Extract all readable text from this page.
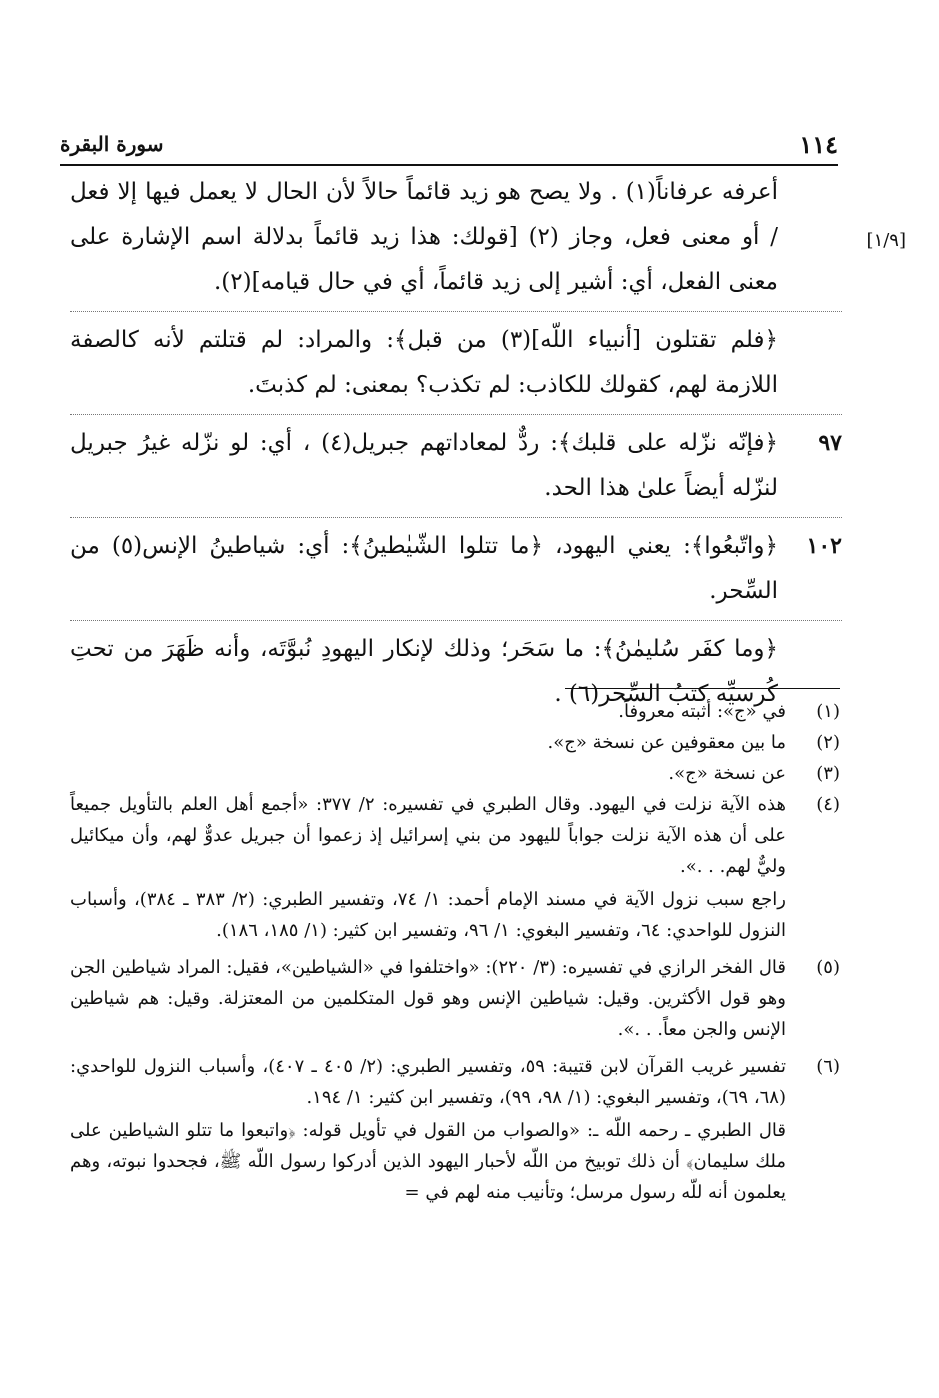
١١٤
سورة البقرة
[١/٩]
أعرفه عرفاناً(١) . ولا يصح هو زيد قائماً حالاً لأن الحال لا يعمل فيها إلا فعل / أو معنى فعل، وجاز (٢) [قولك: هذا زيد قائماً بدلالة اسم الإشارة على معنى الفعل، أي: أشير إلى زيد قائماً، أي في حال قيامه](٢).
﴿فلم تقتلون [أنبياء اللّه](٣) من قبل﴾: والمراد: لم قتلتم لأنه كالصفة اللازمة لهم، كقولك للكاذب: لم تكذب؟ بمعنى: لم كذبتَ.
٩٧
﴿فإنّه نزّله على قلبك﴾: ردٌّ لمعاداتهم جبريل(٤) ، أي: لو نزّله غيرُ جبريل لنزّله أيضاً علىٰ هذا الحد.
١٠٢
﴿واتّبعُوا﴾: يعني اليهود، ﴿ما تتلوا الشّيٰطينُ﴾: أي: شياطينُ الإنس(٥) من السِّحر.
﴿وما كفَر سُليمٰنُ﴾: ما سَحَر؛ وذلك لإنكار اليهودِ نُبوَّتَه، وأنه ظَهَرَ من تحتِ كُرسيِّه كتبُ السِّحر(٦) .
(١)
في «ج»: أثبته معروفاً.
(٢)
ما بين معقوفين عن نسخة «ج».
(٣)
عن نسخة «ج».
(٤)
هذه الآية نزلت في اليهود. وقال الطبري في تفسيره: ٢/ ٣٧٧: «أجمع أهل العلم بالتأويل جميعاً على أن هذه الآية نزلت جواباً لليهود من بني إسرائيل إذ زعموا أن جبريل عدوٌّ لهم، وأن ميكائيل وليٌّ لهم. . .».
راجع سبب نزول الآية في مسند الإمام أحمد: ١/ ٧٤، وتفسير الطبري: (٢/ ٣٨٣ ـ ٣٨٤)، وأسباب النزول للواحدي: ٦٤، وتفسير البغوي: ١/ ٩٦، وتفسير ابن كثير: (١/ ١٨٥، ١٨٦).
(٥)
قال الفخر الرازي في تفسيره: (٣/ ٢٢٠): «واختلفوا في «الشياطين»، فقيل: المراد شياطين الجن وهو قول الأكثرين. وقيل: شياطين الإنس وهو قول المتكلمين من المعتزلة. وقيل: هم شياطين الإنس والجن معاً. . .».
(٦)
تفسير غريب القرآن لابن قتيبة: ٥٩، وتفسير الطبري: (٢/ ٤٠٥ ـ ٤٠٧)، وأسباب النزول للواحدي: (٦٨، ٦٩)، وتفسير البغوي: (١/ ٩٨، ٩٩)، وتفسير ابن كثير: ١/ ١٩٤.
قال الطبري ـ رحمه اللّه ـ: «والصواب من القول في تأويل قوله: ﴿واتبعوا ما تتلو الشياطين على ملك سليمان﴾ أن ذلك توبيخ من اللّه لأحبار اليهود الذين أدركوا رسول اللّه ﷺ، فجحدوا نبوته، وهم يعلمون أنه للّه رسول مرسل؛ وتأنيب منه لهم في =
